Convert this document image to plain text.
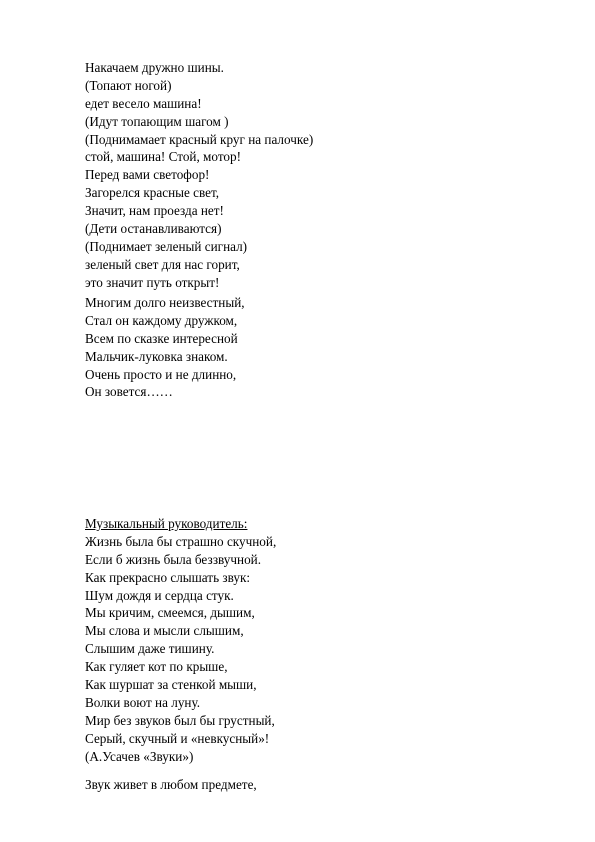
Накачаем дружно шины.
(Топают ногой)
едет весело машина!
(Идут топающим шагом )
(Поднимамает красный круг на палочке)
стой, машина! Стой, мотор!
Перед вами светофор!
Загорелся красные свет,
Значит, нам проезда нет!
(Дети останавливаются)
(Поднимает зеленый сигнал)
зеленый свет для нас горит,
это значит путь открыт!
Многим долго неизвестный,
Стал он каждому дружком,
Всем по сказке интересной
Мальчик-луковка знаком.
Очень просто и не длинно,
Он зовется……
Музыкальный руководитель:
Жизнь была бы страшно скучной,
Если б жизнь была беззвучной.
Как прекрасно слышать звук:
Шум дождя и сердца стук.
Мы кричим, смеемся, дышим,
Мы слова и мысли слышим,
Слышим даже тишину.
Как гуляет кот по крыше,
Как шуршат за стенкой мыши,
Волки воют на луну.
Мир без звуков был бы грустный,
Серый, скучный и «невкусный»!
(А.Усачев «Звуки»)
Звук живет в любом предмете,
